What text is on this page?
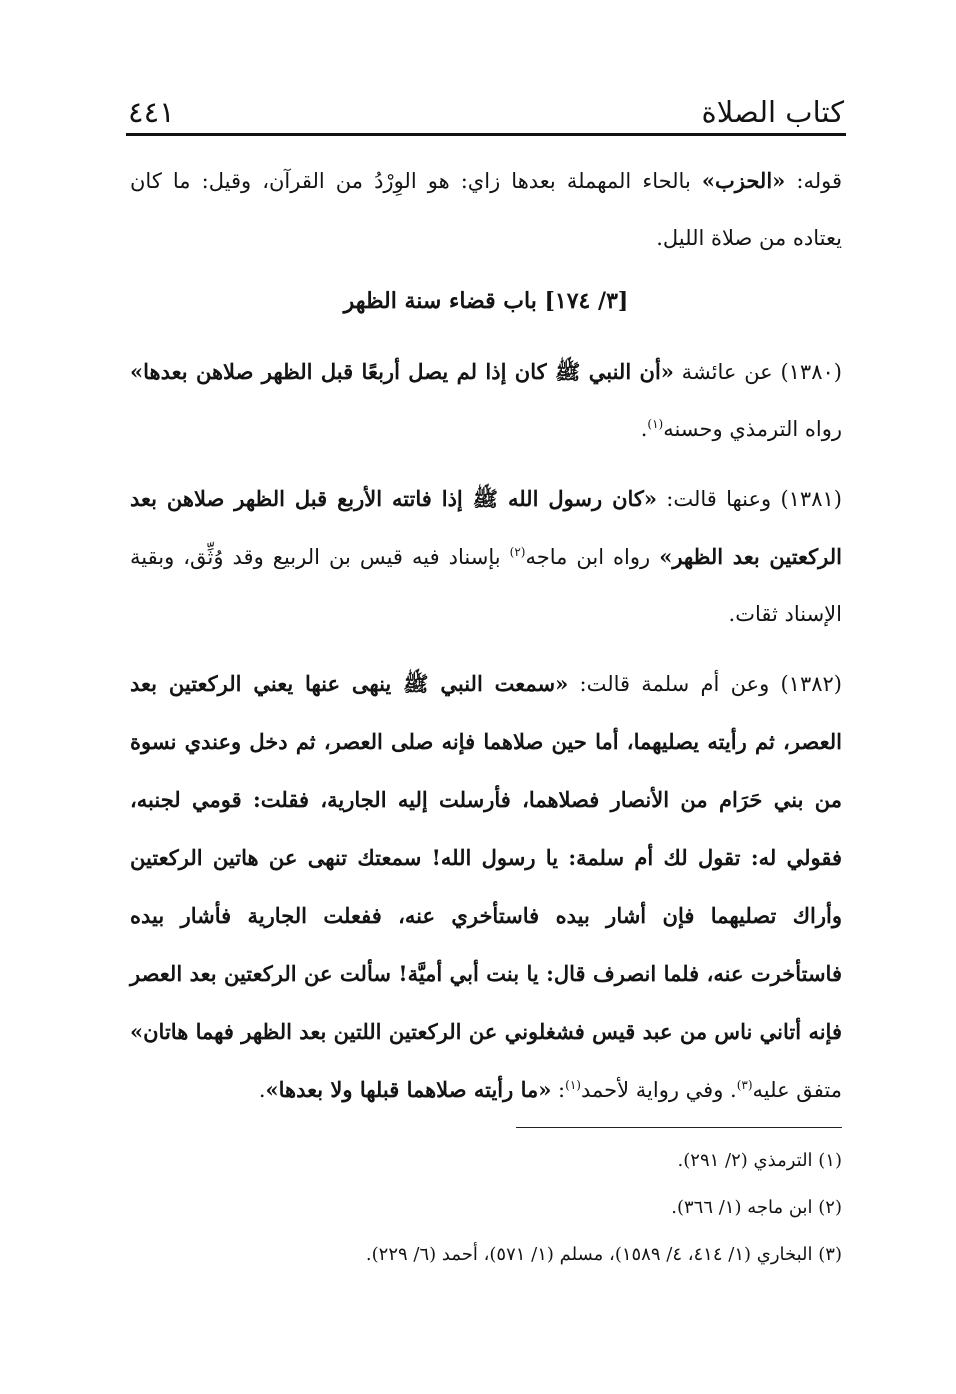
كتاب الصلاة
٤٤١

قوله: «الحزب» بالحاء المهملة بعدها زاي: هو الوِرْدُ من القرآن، وقيل: ما كان يعتاده من صلاة الليل.

[٣/ ١٧٤] باب قضاء سنة الظهر

(١٣٨٠) عن عائشة «أن النبي ﷺ كان إذا لم يصل أربعًا قبل الظهر صلاهن بعدها» رواه الترمذي وحسنه$^{(١)}$.

(١٣٨١) وعنها قالت: «كان رسول الله ﷺ إذا فاتته الأربع قبل الظهر صلاهن بعد الركعتين بعد الظهر» رواه ابن ماجه$^{(٢)}$ بإسناد فيه قيس بن الربيع وقد وُثِّق، وبقية الإسناد ثقات.

(١٣٨٢) وعن أم سلمة قالت: «سمعت النبي ﷺ ينهى عنها يعني الركعتين بعد العصر، ثم رأيته يصليهما، أما حين صلاهما فإنه صلى العصر، ثم دخل وعندي نسوة من بني حَرَام من الأنصار فصلاهما، فأرسلت إليه الجارية، فقلت: قومي لجنبه، فقولي له: تقول لك أم سلمة: يا رسول الله! سمعتك تنهى عن هاتين الركعتين وأراك تصليهما فإن أشار بيده فاستأخري عنه، ففعلت الجارية فأشار بيده فاستأخرت عنه، فلما انصرف قال: يا بنت أبي أميَّة! سألت عن الركعتين بعد العصر فإنه أتاني ناس من عبد قيس فشغلوني عن الركعتين اللتين بعد الظهر فهما هاتان» متفق عليه$^{(٣)}$. وفي رواية لأحمد$^{(١)}$: «ما رأيته صلاهما قبلها ولا بعدها».

(١) الترمذي (٢/ ٢٩١).

(٢) ابن ماجه (١/ ٣٦٦).

(٣) البخاري (١/ ٤١٤، ٤/ ١٥٨٩)، مسلم (١/ ٥٧١)، أحمد (٦/ ٢٢٩).
